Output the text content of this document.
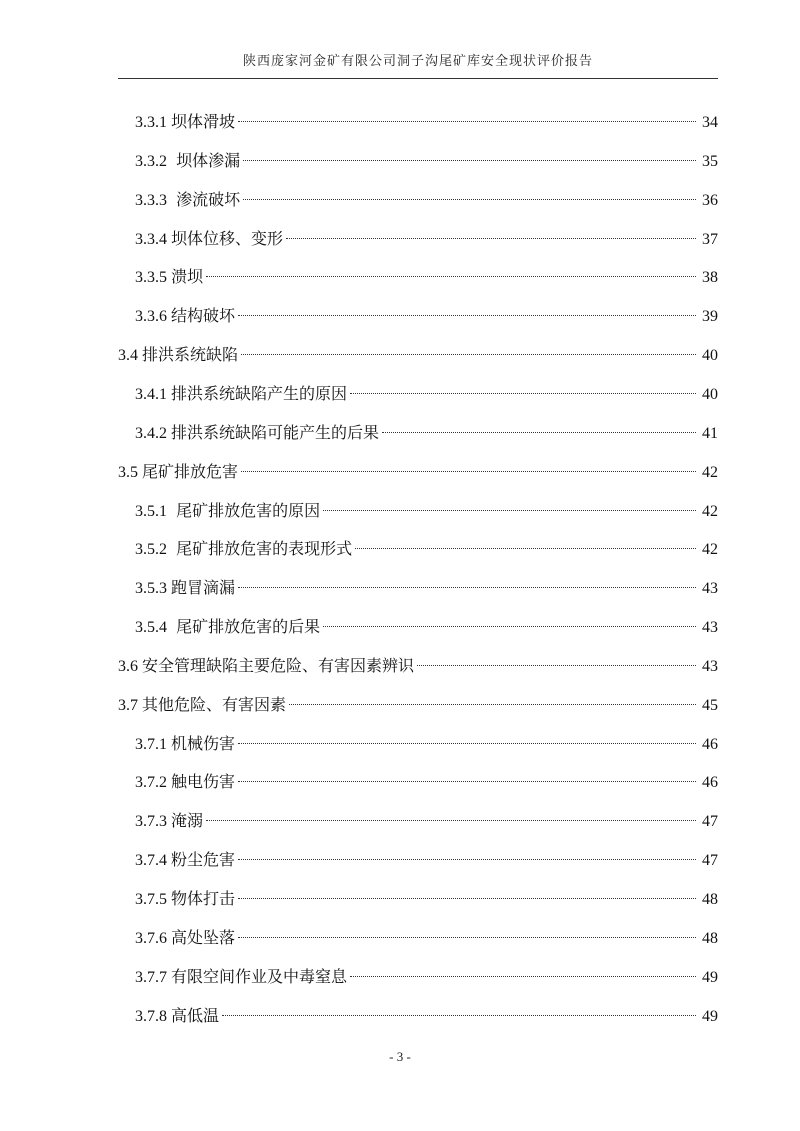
陕西庞家河金矿有限公司洞子沟尾矿库安全现状评价报告
3.3.1 坝体滑坡	34
3.3.2 坝体渗漏	35
3.3.3 渗流破坏	36
3.3.4 坝体位移、变形	37
3.3.5 溃坝	38
3.3.6 结构破坏	39
3.4 排洪系统缺陷	40
3.4.1 排洪系统缺陷产生的原因	40
3.4.2 排洪系统缺陷可能产生的后果	41
3.5 尾矿排放危害	42
3.5.1 尾矿排放危害的原因	42
3.5.2 尾矿排放危害的表现形式	42
3.5.3 跑冒滴漏	43
3.5.4 尾矿排放危害的后果	43
3.6 安全管理缺陷主要危险、有害因素辨识	43
3.7 其他危险、有害因素	45
3.7.1 机械伤害	46
3.7.2 触电伤害	46
3.7.3 淹溺	47
3.7.4 粉尘危害	47
3.7.5 物体打击	48
3.7.6 高处坠落	48
3.7.7 有限空间作业及中毒窒息	49
3.7.8 高低温	49
- 3 -
